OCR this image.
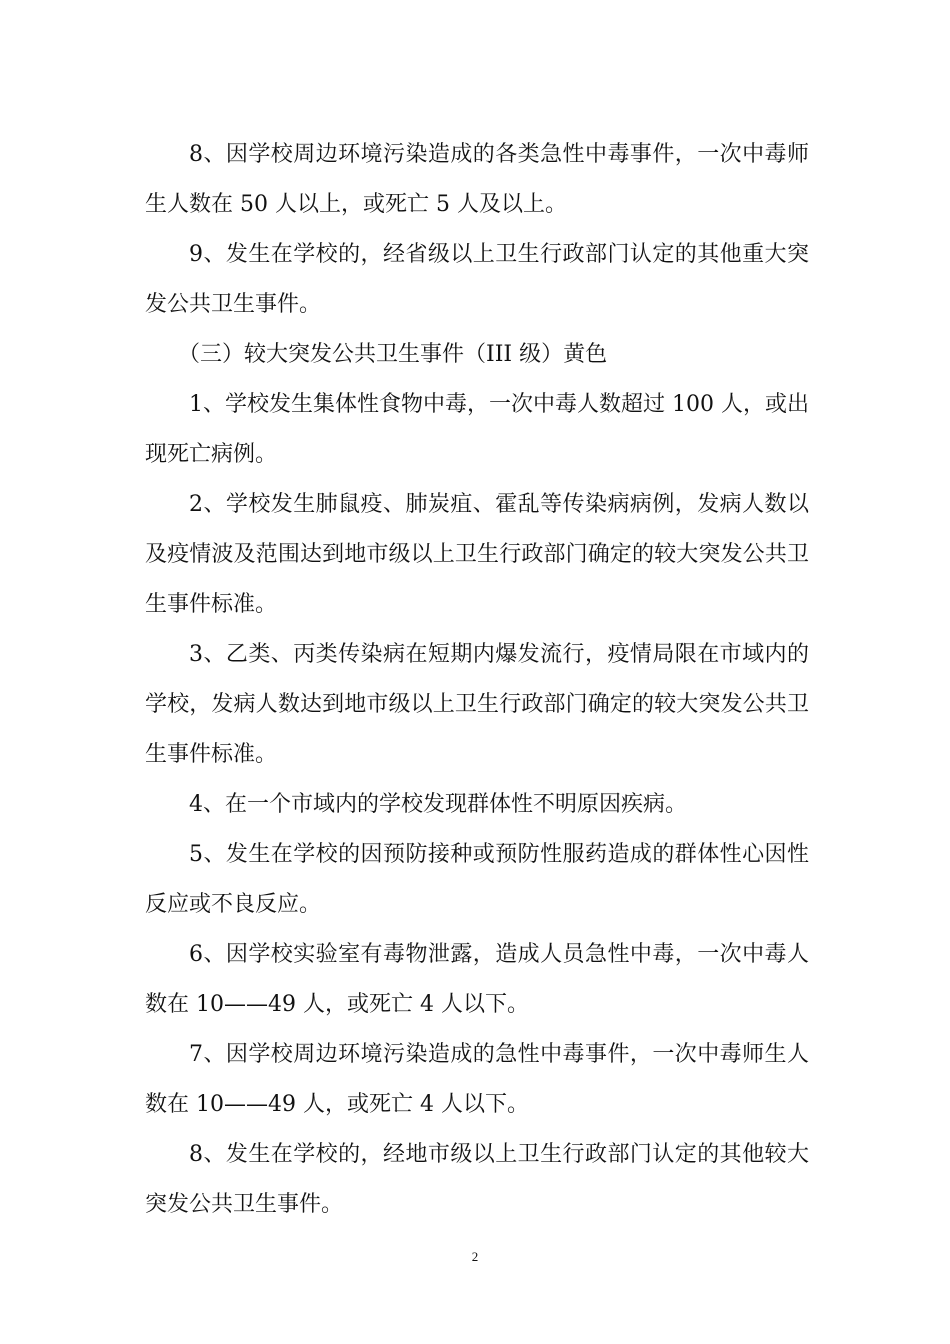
8、因学校周边环境污染造成的各类急性中毒事件，一次中毒师生人数在 50 人以上，或死亡 5 人及以上。

9、发生在学校的，经省级以上卫生行政部门认定的其他重大突发公共卫生事件。

（三）较大突发公共卫生事件（III 级）黄色

1、学校发生集体性食物中毒，一次中毒人数超过 100 人，或出现死亡病例。

2、学校发生肺鼠疫、肺炭疽、霍乱等传染病病例，发病人数以及疫情波及范围达到地市级以上卫生行政部门确定的较大突发公共卫生事件标准。

3、乙类、丙类传染病在短期内爆发流行，疫情局限在市域内的学校，发病人数达到地市级以上卫生行政部门确定的较大突发公共卫生事件标准。

4、在一个市域内的学校发现群体性不明原因疾病。

5、发生在学校的因预防接种或预防性服药造成的群体性心因性反应或不良反应。

6、因学校实验室有毒物泄露，造成人员急性中毒，一次中毒人数在 10——49 人，或死亡 4 人以下。

7、因学校周边环境污染造成的急性中毒事件，一次中毒师生人数在 10——49 人，或死亡 4 人以下。

8、发生在学校的，经地市级以上卫生行政部门认定的其他较大突发公共卫生事件。

2
